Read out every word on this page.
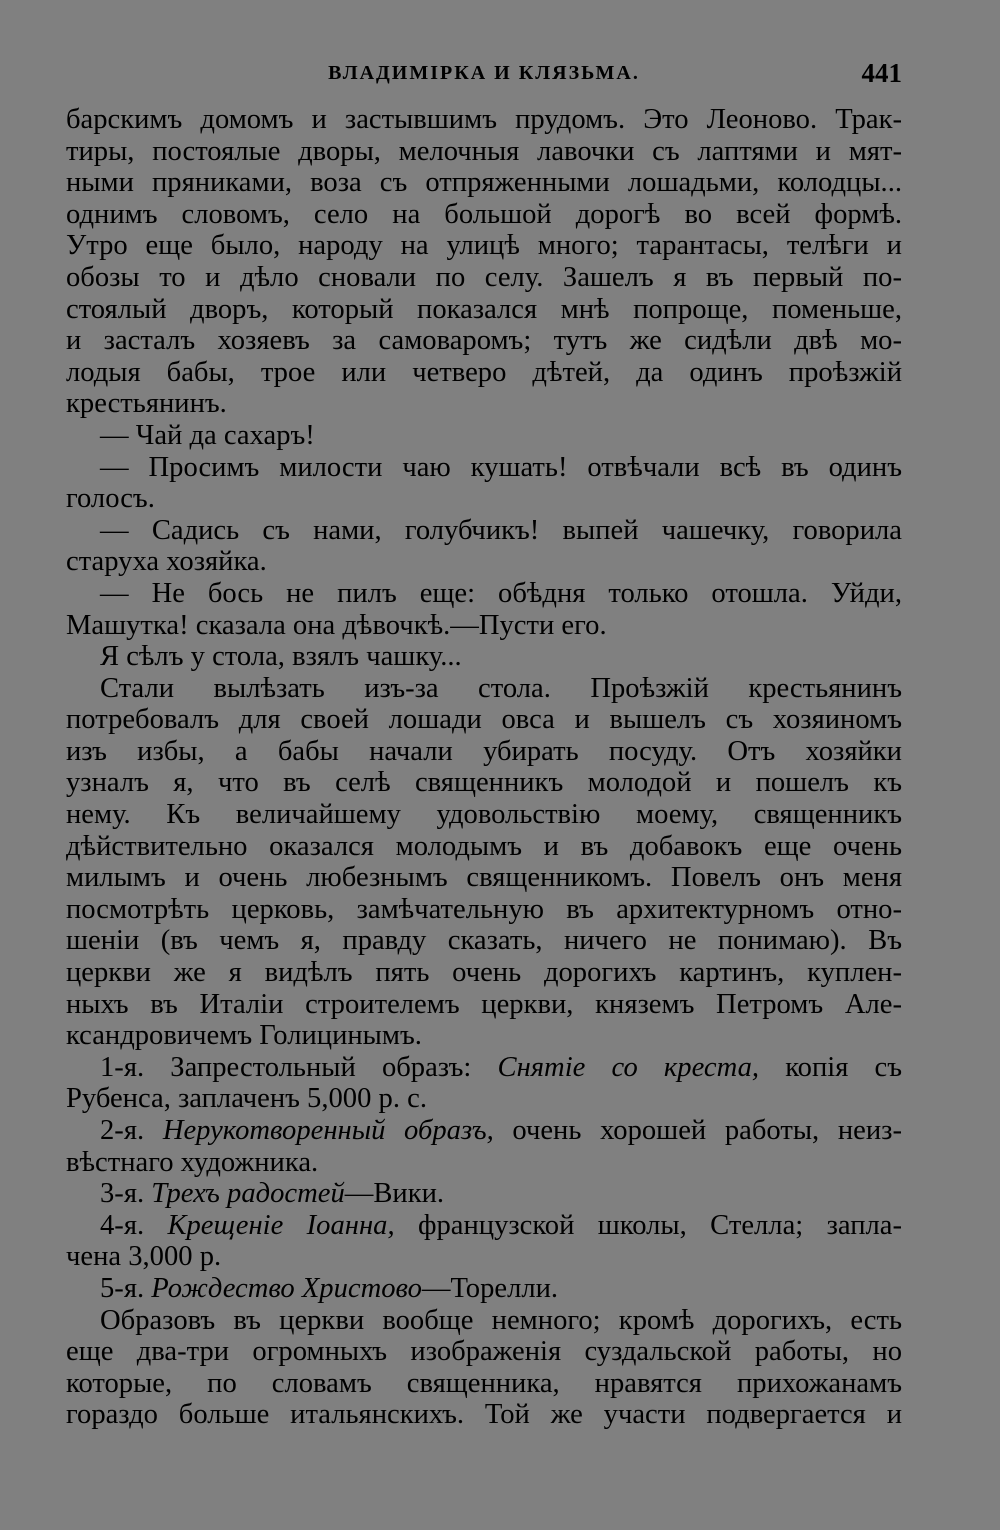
ВЛАДИМІРКА И КЛЯЗЬМА.	441
барскимъ домомъ и застывшимъ прудомъ. Это Леоново. Трак-
тиры, постоялые дворы, мелочныя лавочки съ лаптями и мят-
ными пряниками, воза съ отпряженными лошадьми, колодцы...
однимъ словомъ, село на большой дорогѣ во всей формѣ.
Утро еще было, народу на улицѣ много; тарантасы, телѣги и
обозы то и дѣло сновали по селу. Зашелъ я въ первый по-
стоялый дворъ, который показался мнѣ попроще, поменьше,
и засталъ хозяевъ за самоваромъ; тутъ же сидѣли двѣ мо-
лодыя бабы, трое или четверо дѣтей, да одинъ проѣзжій
крестьянинъ.
— Чай да сахаръ!
— Просимъ милости чаю кушать! отвѣчали всѣ въ одинъ
голосъ.
— Садись съ нами, голубчикъ! выпей чашечку, говорила
старуха хозяйка.
— Не бось не пилъ еще: обѣдня только отошла. Уйди,
Машутка! сказала она дѣвочкѣ.—Пусти его.
Я сѣлъ у стола, взялъ чашку...
Стали вылѣзать изъ-за стола. Проѣзжій крестьянинъ
потребовалъ для своей лошади овса и вышелъ съ хозяиномъ
изъ избы, а бабы начали убирать посуду. Отъ хозяйки
узналъ я, что въ селѣ священникъ молодой и пошелъ къ
нему. Къ величайшему удовольствію моему, священникъ
дѣйствительно оказался молодымъ и въ добавокъ еще очень
милымъ и очень любезнымъ священникомъ. Повелъ онъ меня
посмотрѣть церковь, замѣчательную въ архитектурномъ отно-
шеніи (въ чемъ я, правду сказать, ничего не понимаю). Въ
церкви же я видѣлъ пять очень дорогихъ картинъ, куплен-
ныхъ въ Италіи строителемъ церкви, княземъ Петромъ Але-
ксандровичемъ Голицинымъ.
1-я. Запрестольный образъ: Снятіе со креста, копія съ
Рубенса, заплаченъ 5,000 р. с.
2-я. Нерукотворенный образъ, очень хорошей работы, неиз-
вѣстнаго художника.
3-я. Трехъ радостей—Вики.
4-я. Крещеніе Іоанна, французской школы, Стелла; запла-
чена 3,000 р.
5-я. Рождество Христово—Торелли.
Образовъ въ церкви вообще немного; кромѣ дорогихъ, есть
еще два-три огромныхъ изображенія суздальской работы, но
которые, по словамъ священника, нравятся прихожанамъ
гораздо больше итальянскихъ. Той же участи подвергается и
